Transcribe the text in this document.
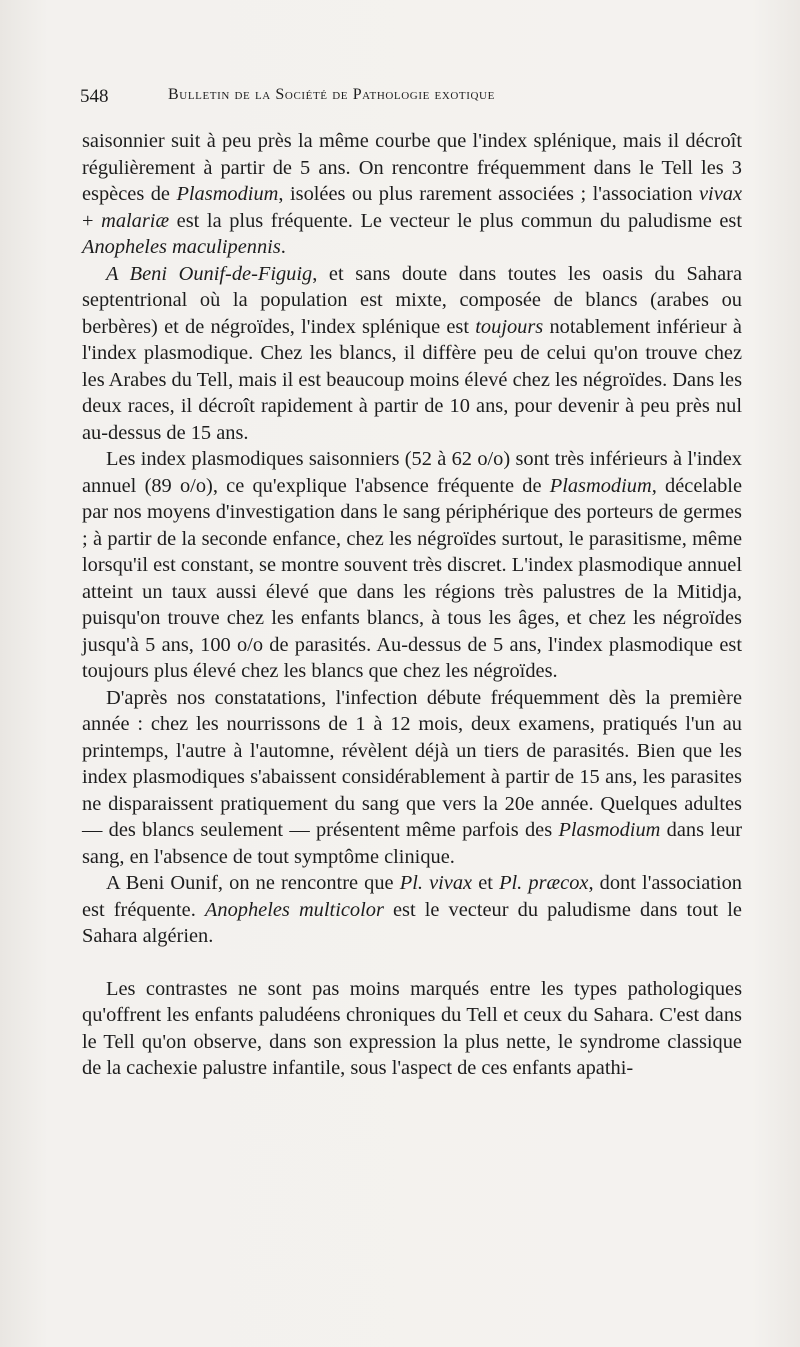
548	Bulletin de la Société de Pathologie exotique

saisonnier suit à peu près la même courbe que l'index splénique, mais il décroît régulièrement à partir de 5 ans. On rencontre fréquemment dans le Tell les 3 espèces de Plasmodium, isolées ou plus rarement associées ; l'association vivax + malariæ est la plus fréquente. Le vecteur le plus commun du paludisme est Anopheles maculipennis.

A Beni Ounif-de-Figuig, et sans doute dans toutes les oasis du Sahara septentrional où la population est mixte, composée de blancs (arabes ou berbères) et de négroïdes, l'index splénique est toujours notablement inférieur à l'index plasmodique. Chez les blancs, il diffère peu de celui qu'on trouve chez les Arabes du Tell, mais il est beaucoup moins élevé chez les négroïdes. Dans les deux races, il décroît rapidement à partir de 10 ans, pour devenir à peu près nul au-dessus de 15 ans.

Les index plasmodiques saisonniers (52 à 62 o/o) sont très inférieurs à l'index annuel (89 o/o), ce qu'explique l'absence fréquente de Plasmodium, décelable par nos moyens d'investigation dans le sang périphérique des porteurs de germes ; à partir de la seconde enfance, chez les négroïdes surtout, le parasitisme, même lorsqu'il est constant, se montre souvent très discret. L'index plasmodique annuel atteint un taux aussi élevé que dans les régions très palustres de la Mitidja, puisqu'on trouve chez les enfants blancs, à tous les âges, et chez les négroïdes jusqu'à 5 ans, 100 o/o de parasités. Au-dessus de 5 ans, l'index plasmodique est toujours plus élevé chez les blancs que chez les négroïdes.

D'après nos constatations, l'infection débute fréquemment dès la première année : chez les nourrissons de 1 à 12 mois, deux examens, pratiqués l'un au printemps, l'autre à l'automne, révèlent déjà un tiers de parasités. Bien que les index plasmodiques s'abaissent considérablement à partir de 15 ans, les parasites ne disparaissent pratiquement du sang que vers la 20e année. Quelques adultes — des blancs seulement — présentent même parfois des Plasmodium dans leur sang, en l'absence de tout symptôme clinique.

A Beni Ounif, on ne rencontre que Pl. vivax et Pl. præcox, dont l'association est fréquente. Anopheles multicolor est le vecteur du paludisme dans tout le Sahara algérien.

Les contrastes ne sont pas moins marqués entre les types pathologiques qu'offrent les enfants paludéens chroniques du Tell et ceux du Sahara. C'est dans le Tell qu'on observe, dans son expression la plus nette, le syndrome classique de la cachexie palustre infantile, sous l'aspect de ces enfants apathi-
